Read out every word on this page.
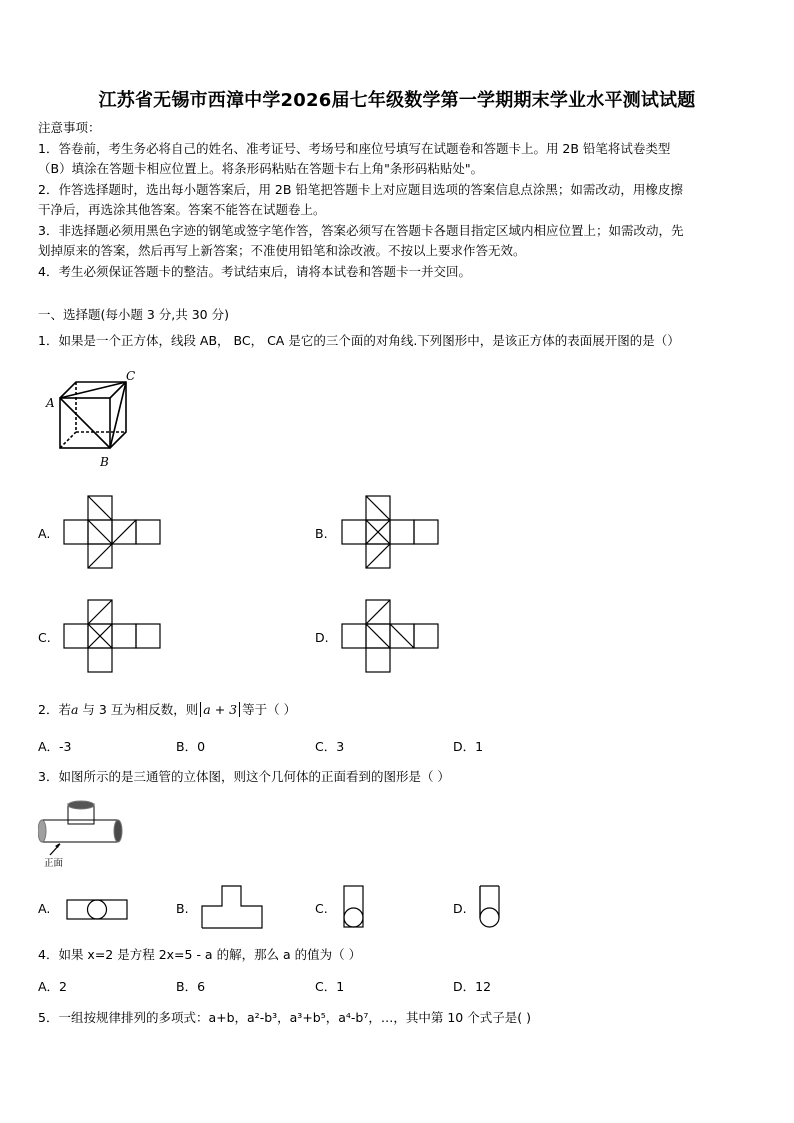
江苏省无锡市西漳中学2026届七年级数学第一学期期末学业水平测试试题
注意事项：
1．答卷前，考生务必将自己的姓名、准考证号、考场号和座位号填写在试题卷和答题卡上。用 2B 铅笔将试卷类型
（B）填涂在答题卡相应位置上。将条形码粘贴在答题卡右上角"条形码粘贴处"。
2．作答选择题时，选出每小题答案后，用 2B 铅笔把答题卡上对应题目选项的答案信息点涂黑；如需改动，用橡皮擦
干净后，再选涂其他答案。答案不能答在试题卷上。
3．非选择题必须用黑色字迹的钢笔或签字笔作答，答案必须写在答题卡各题目指定区域内相应位置上；如需改动，先
划掉原来的答案，然后再写上新答案；不准使用铅笔和涂改液。不按以上要求作答无效。
4．考生必须保证答题卡的整洁。考试结束后，请将本试卷和答题卡一并交回。
一、选择题(每小题 3 分,共 30 分)
1．如果是一个正方体，线段 AB， BC， CA 是它的三个面的对角线.下列图形中，是该正方体的表面展开图的是（）
A
B
C
A.	B.
C.	D.
2．若a 与 3 互为相反数，则 a + 3 等于（ ）
A．-3	B．0	C．3	D．1
3．如图所示的是三通管的立体图，则这个几何体的正面看到的图形是（ ）
正面
A.	B.	C.	D.
4．如果 x=2 是方程 2x=5 - a 的解，那么 a 的值为（ ）
A．2	B．6	C．1	D．12
5．一组按规律排列的多项式：a+b，a²-b³，a³+b⁵，a⁴-b⁷，…，其中第 10 个式子是( )
